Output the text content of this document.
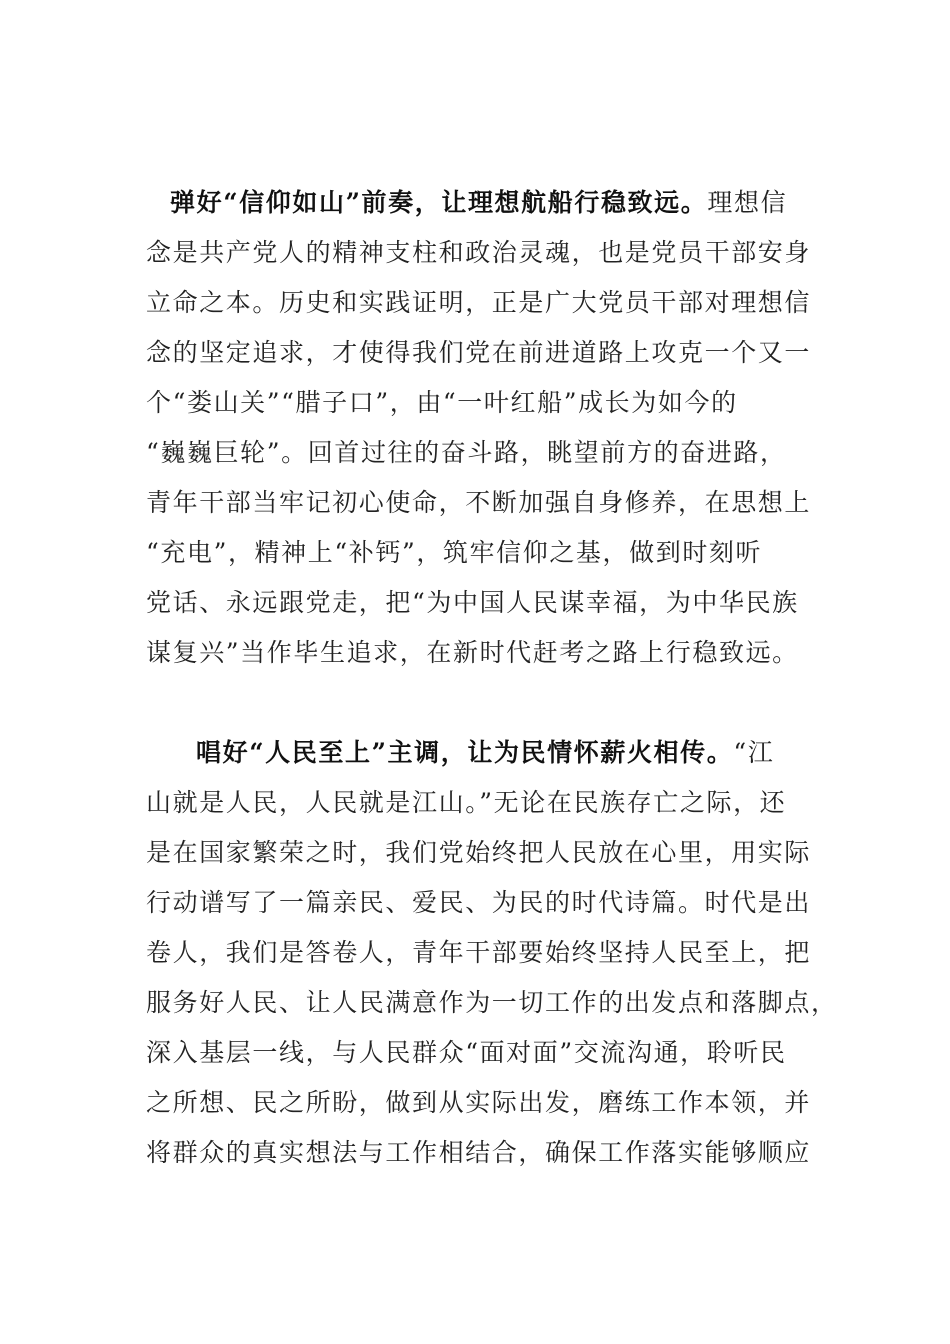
弹好“信仰如山”前奏，让理想航船行稳致远。理想信
念是共产党人的精神支柱和政治灵魂，也是党员干部安身
立命之本。历史和实践证明，正是广大党员干部对理想信
念的坚定追求，才使得我们党在前进道路上攻克一个又一
个“娄山关”“腊子口”，由“一叶红船”成长为如今的
“巍巍巨轮”。回首过往的奋斗路，眺望前方的奋进路，
青年干部当牢记初心使命，不断加强自身修养，在思想上
“充电”，精神上“补钙”，筑牢信仰之基，做到时刻听
党话、永远跟党走，把“为中国人民谋幸福，为中华民族
谋复兴”当作毕生追求，在新时代赶考之路上行稳致远。
唱好“人民至上”主调，让为民情怀薪火相传。“江
山就是人民，人民就是江山。”无论在民族存亡之际，还
是在国家繁荣之时，我们党始终把人民放在心里，用实际
行动谱写了一篇亲民、爱民、为民的时代诗篇。时代是出
卷人，我们是答卷人，青年干部要始终坚持人民至上，把
服务好人民、让人民满意作为一切工作的出发点和落脚点，
深入基层一线，与人民群众“面对面”交流沟通，聆听民
之所想、民之所盼，做到从实际出发，磨练工作本领，并
将群众的真实想法与工作相结合，确保工作落实能够顺应
